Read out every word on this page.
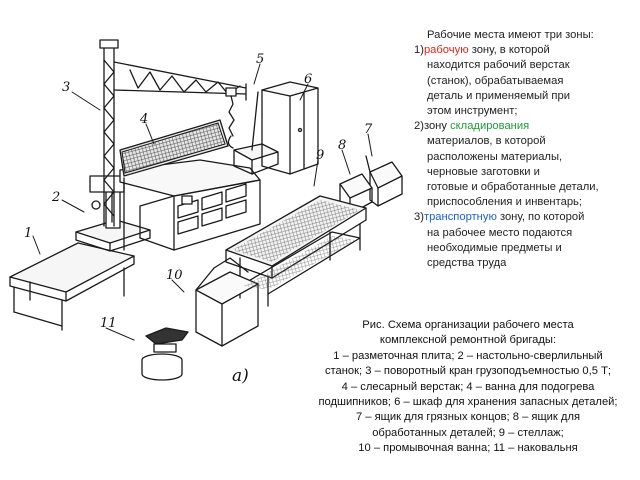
1
2
3
4
5
6
7
8
9
10
11
а)
Рабочие места имеют три зоны:
1)рабочую зону, в которой
находится рабочий верстак
(станок), обрабатываемая
деталь и применяемый при
этом инструмент;
2)зону складирования
материалов, в которой
расположены материалы,
черновые заготовки и
готовые и обработанные детали,
приспособления и инвентарь;
3)транспортную зону, по которой
на рабочее место подаются
необходимые предметы и
средства труда
Рис. Схема организации рабочего места
комплексной ремонтной бригады:
1 – разметочная плита; 2 – настольно-сверлильный
станок; 3 – поворотный кран грузоподъемностью 0,5 Т;
4 – слесарный верстак; 4 – ванна для подогрева
подшипников; 6 – шкаф для хранения запасных деталей;
7 – ящик для грязных концов; 8 – ящик для
обработанных деталей; 9 – стеллаж;
10 – промывочная ванна; 11 – наковальня
